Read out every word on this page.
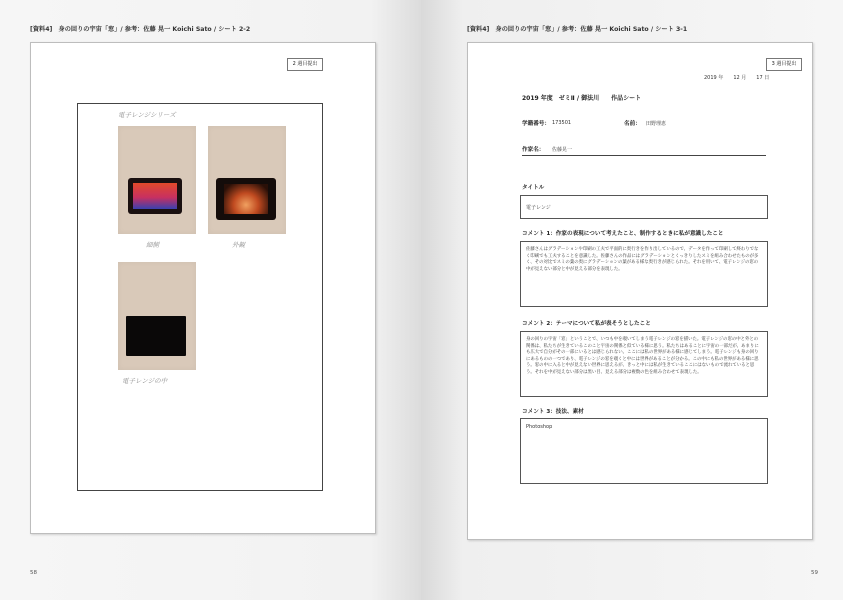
[資料4]　身の回りの宇宙「窓」/ 参考：佐藤 晃一 Koichi Sato / シート 2-2
2 週目提出
電子レンジシリーズ
細側	外観
電子レンジの中
58
[資料4]　身の回りの宇宙「窓」/ 参考：佐藤 晃一 Koichi Sato / シート 3-1
3 週目提出
2019 年　　12 月　　17 日
2019 年度　ゼミⅡ / 御法川　　作品シート
学籍番号： 173501	名前： 田野理恵
作家名： 佐藤晃一
タイトル
電子レンジ
コメント 1：作家の表現について考えたこと、制作するときに私が意識したこと
佐藤さんはグラデーションや印刷の工夫で平面的に奥行きを作り出しているので、データを作って印刷して終わりでなく印刷でも工夫することを意識した。佐藤さんの作品にはグラデーションとくっきりしたスミを組み合わせたものが多く、その対比でスミの葉の奥にグラデーションの葉がある様な奥行きが感じられた。それを用いて、電子レンジの窓の中が見えない部分と中が見える部分を表現した。
コメント 2：テーマについて私が表そうとしたこと
身の回りの宇宙「窓」ということで、いつも中を覗いてしまう電子レンジの窓を描いた。電子レンジの窓の中と外との関係は、私たちが生きているこのこと宇宙の関係と似ている様に思う。私たちはあることに宇宙の一部だが、あまりにも広大で自分がその一部にいるとは感じられない。ここには私の世界がある様に感じてしまう。電子レンジも身の回りにあるものの一つであり、電子レンジの窓を覗くと中には世界があることが分かる。この中にも私の世界がある様に思う。窓の中に入ると中が見えない世界に思えるが、きっと中には私が生きているここにはないもので流れていると思う。それを中が見えない部分は黒い目、見える部分は複数の色を組み合わせて表現した。
コメント 3：技法、素材
Photoshop
59
